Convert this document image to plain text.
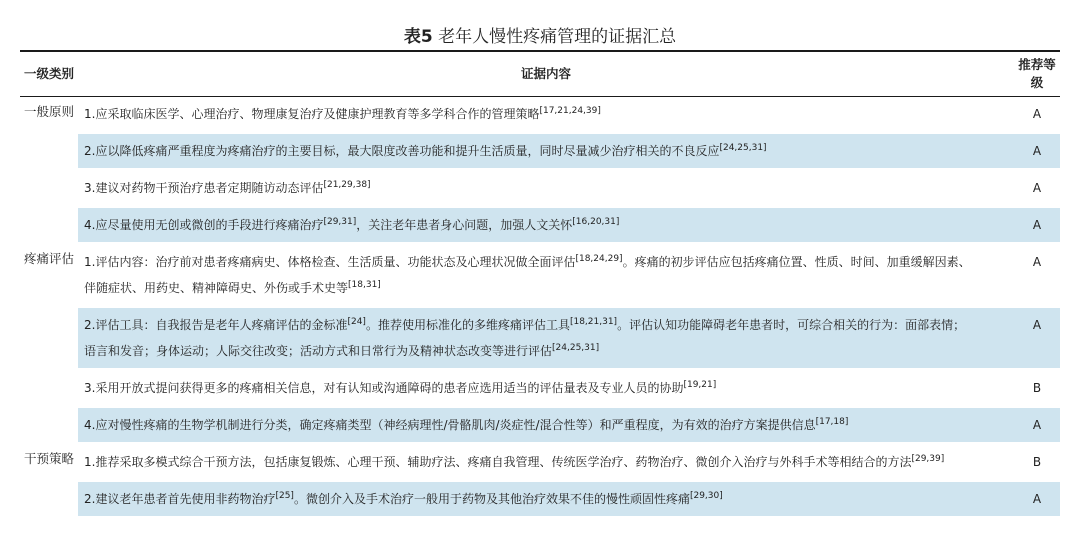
表5 老年人慢性疼痛管理的证据汇总
一级类别	证据内容	推荐等级
一般原则	1.应采取临床医学、心理治疗、物理康复治疗及健康护理教育等多学科合作的管理策略[17,21,24,39]	A
	2.应以降低疼痛严重程度为疼痛治疗的主要目标，最大限度改善功能和提升生活质量，同时尽量减少治疗相关的不良反应[24,25,31]	A
	3.建议对药物干预治疗患者定期随访动态评估[21,29,38]	A
	4.应尽量使用无创或微创的手段进行疼痛治疗[29,31]，关注老年患者身心问题，加强人文关怀[16,20,31]	A
疼痛评估	1.评估内容：治疗前对患者疼痛病史、体格检查、生活质量、功能状态及心理状况做全面评估[18,24,29]。疼痛的初步评估应包括疼痛位置、性质、时间、加重缓解因素、伴随症状、用药史、精神障碍史、外伤或手术史等[18,31]	A
	2.评估工具：自我报告是老年人疼痛评估的金标准[24]。推荐使用标准化的多维疼痛评估工具[18,21,31]。评估认知功能障碍老年患者时，可综合相关的行为：面部表情；语言和发音；身体运动；人际交往改变；活动方式和日常行为及精神状态改变等进行评估[24,25,31]	A
	3.采用开放式提问获得更多的疼痛相关信息，对有认知或沟通障碍的患者应选用适当的评估量表及专业人员的协助[19,21]	B
	4.应对慢性疼痛的生物学机制进行分类，确定疼痛类型（神经病理性/骨骼肌肉/炎症性/混合性等）和严重程度，为有效的治疗方案提供信息[17,18]	A
干预策略	1.推荐采取多模式综合干预方法，包括康复锻炼、心理干预、辅助疗法、疼痛自我管理、传统医学治疗、药物治疗、微创介入治疗与外科手术等相结合的方法[29,39]	B
	2.建议老年患者首先使用非药物治疗[25]。微创介入及手术治疗一般用于药物及其他治疗效果不佳的慢性顽固性疼痛[29,30]	A
